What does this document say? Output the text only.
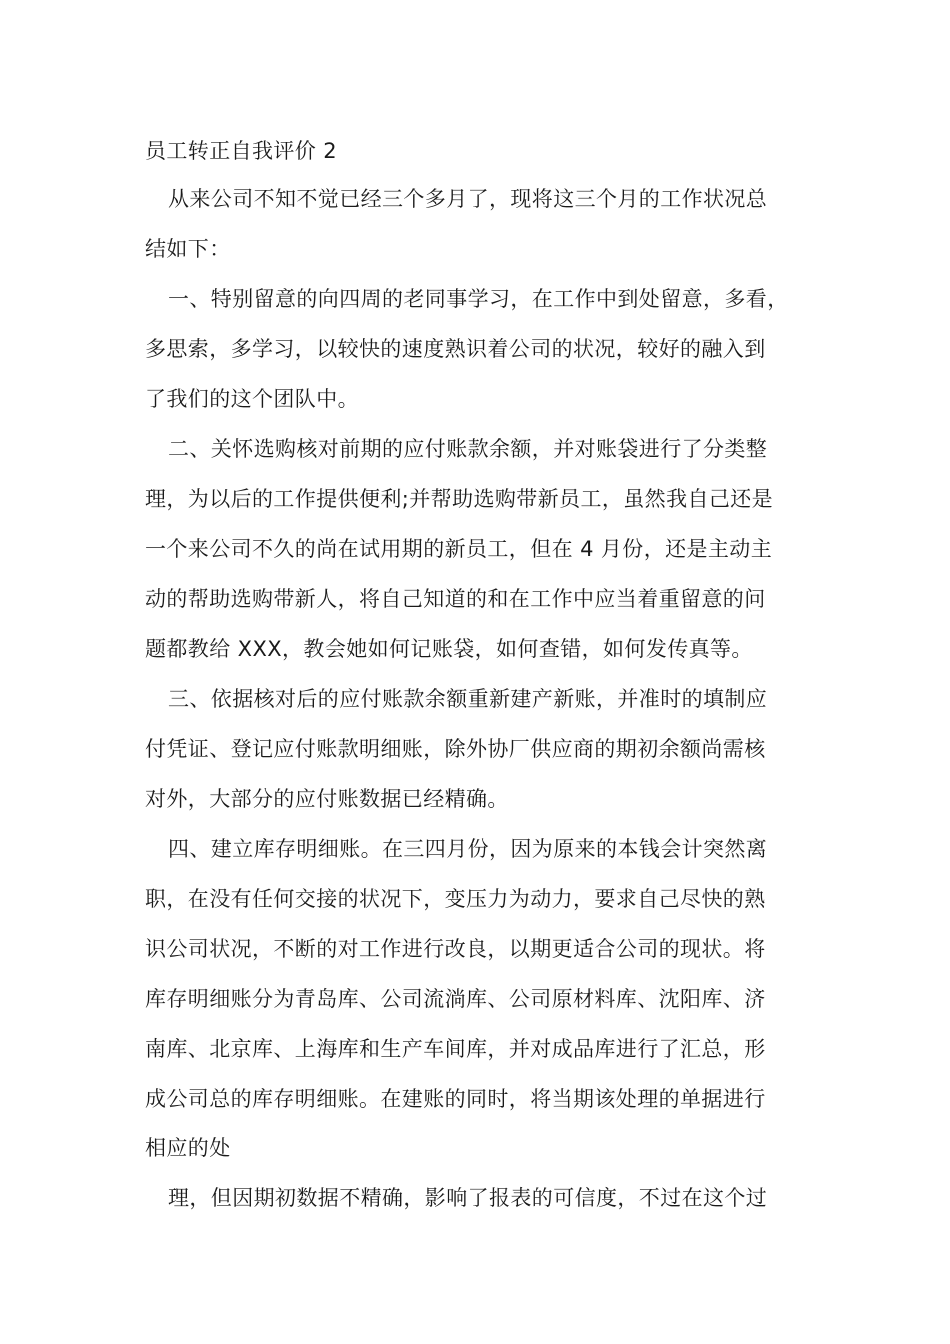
员工转正自我评价 2
从来公司不知不觉已经三个多月了，现将这三个月的工作状况总
结如下：
一、特别留意的向四周的老同事学习，在工作中到处留意，多看，
多思索，多学习，以较快的速度熟识着公司的状况，较好的融入到
了我们的这个团队中。
二、关怀选购核对前期的应付账款余额，并对账袋进行了分类整
理，为以后的工作提供便利;并帮助选购带新员工，虽然我自己还是
一个来公司不久的尚在试用期的新员工，但在 4 月份，还是主动主
动的帮助选购带新人，将自己知道的和在工作中应当着重留意的问
题都教给 XXX，教会她如何记账袋，如何查错，如何发传真等。
三、依据核对后的应付账款余额重新建产新账，并准时的填制应
付凭证、登记应付账款明细账，除外协厂供应商的期初余额尚需核
对外，大部分的应付账数据已经精确。
四、建立库存明细账。在三四月份，因为原来的本钱会计突然离
职，在没有任何交接的状况下，变压力为动力，要求自己尽快的熟
识公司状况，不断的对工作进行改良，以期更适合公司的现状。将
库存明细账分为青岛库、公司流淌库、公司原材料库、沈阳库、济
南库、北京库、上海库和生产车间库，并对成品库进行了汇总，形
成公司总的库存明细账。在建账的同时，将当期该处理的单据进行
相应的处
理，但因期初数据不精确，影响了报表的可信度，不过在这个过
